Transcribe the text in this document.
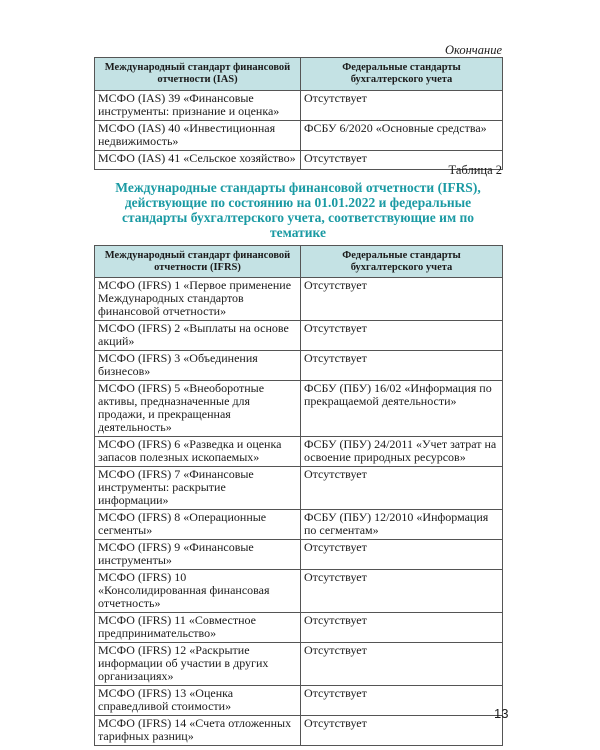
Окончание
Международный стандарт финансовой отчетности (IAS)	Федеральные стандарты бухгалтерского учета
МСФО (IAS) 39 «Финансовые инструменты: признание и оценка»	Отсутствует
МСФО (IAS) 40 «Инвестиционная недвижимость»	ФСБУ 6/2020 «Основные средства»
МСФО (IAS) 41 «Сельское хозяйство»	Отсутствует
Таблица 2
Международные стандарты финансовой отчетности (IFRS), действующие по состоянию на 01.01.2022 и федеральные стандарты бухгалтерского учета, соответствующие им по тематике
Международный стандарт финансовой отчетности (IFRS)	Федеральные стандарты бухгалтерского учета
МСФО (IFRS) 1 «Первое применение Международных стандартов финансовой отчетности»	Отсутствует
МСФО (IFRS) 2 «Выплаты на основе акций»	Отсутствует
МСФО (IFRS) 3 «Объединения бизнесов»	Отсутствует
МСФО (IFRS) 5 «Внеоборотные активы, предназначенные для продажи, и прекращенная деятельность»	ФСБУ (ПБУ) 16/02 «Информация по прекращаемой деятельности»
МСФО (IFRS) 6 «Разведка и оценка запасов полезных ископаемых»	ФСБУ (ПБУ) 24/2011 «Учет затрат на освоение природных ресурсов»
МСФО (IFRS) 7 «Финансовые инструменты: раскрытие информации»	Отсутствует
МСФО (IFRS) 8 «Операционные сегменты»	ФСБУ (ПБУ) 12/2010 «Информация по сегментам»
МСФО (IFRS) 9 «Финансовые инструменты»	Отсутствует
МСФО (IFRS) 10 «Консолидированная финансовая отчетность»	Отсутствует
МСФО (IFRS) 11 «Совместное предпринимательство»	Отсутствует
МСФО (IFRS) 12 «Раскрытие информации об участии в других организациях»	Отсутствует
МСФО (IFRS) 13 «Оценка справедливой стоимости»	Отсутствует
МСФО (IFRS) 14 «Счета отложенных тарифных разниц»	Отсутствует
13
